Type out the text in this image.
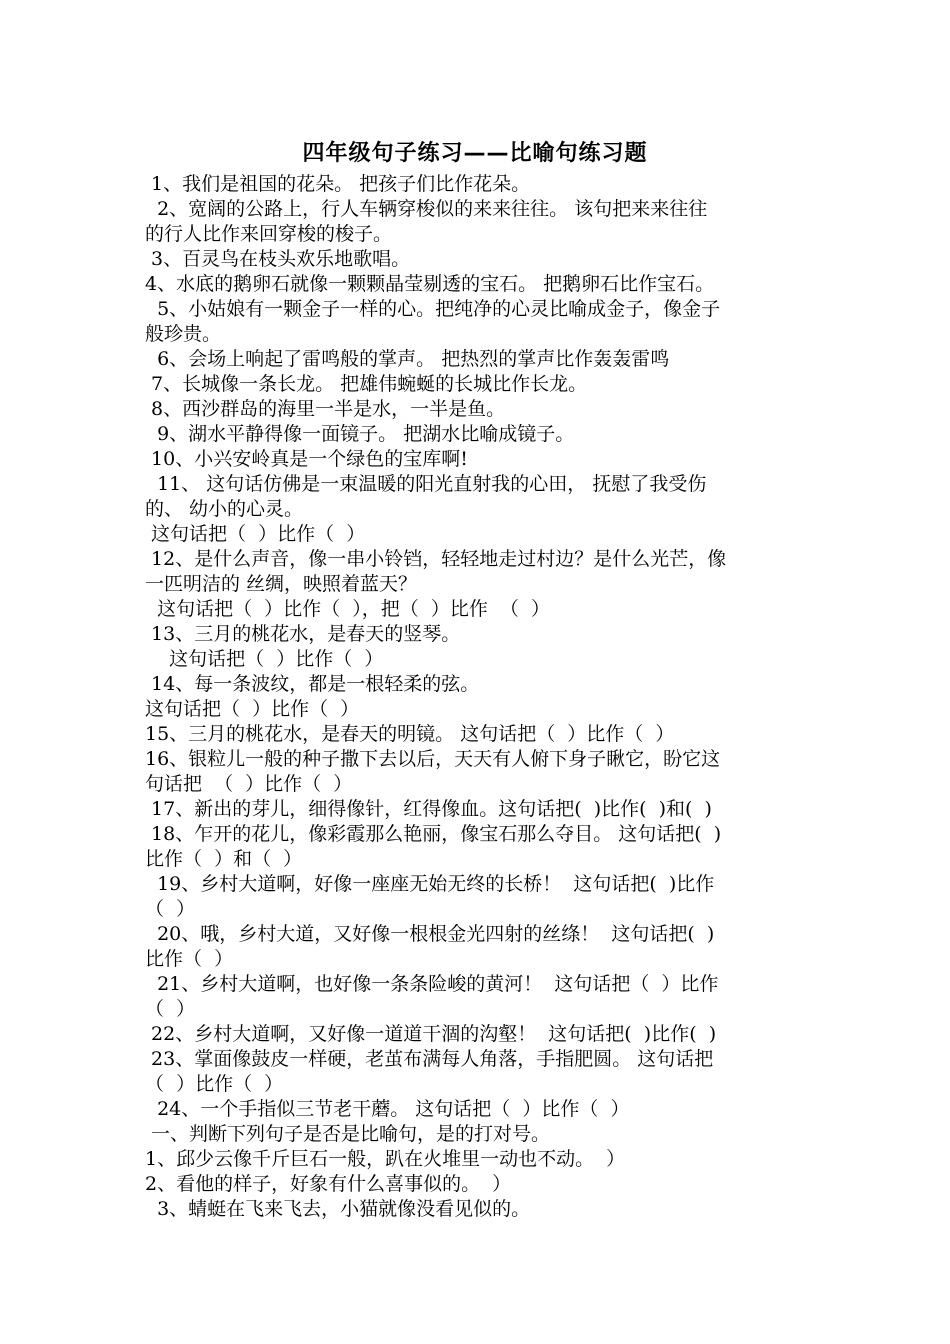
四年级句子练习——比喻句练习题
1、我们是祖国的花朵。 把孩子们比作花朵。
2、宽阔的公路上，行人车辆穿梭似的来来往往。 该句把来来往往
的行人比作来回穿梭的梭子。
3、百灵鸟在枝头欢乐地歌唱。
4、水底的鹅卵石就像一颗颗晶莹剔透的宝石。 把鹅卵石比作宝石。
5、小姑娘有一颗金子一样的心。把纯净的心灵比喻成金子，像金子
般珍贵。
6、会场上响起了雷鸣般的掌声。 把热烈的掌声比作轰轰雷鸣
7、长城像一条长龙。 把雄伟蜿蜒的长城比作长龙。
8、西沙群岛的海里一半是水，一半是鱼。
9、湖水平静得像一面镜子。 把湖水比喻成镜子。
10、小兴安岭真是一个绿色的宝库啊!
11、 这句话仿佛是一束温暖的阳光直射我的心田， 抚慰了我受伤
的、 幼小的心灵。
这句话把（  ）比作（  ）
12、是什么声音，像一串小铃铛，轻轻地走过村边？是什么光芒，像
一匹明洁的 丝绸，映照着蓝天？
这句话把（  ）比作（  ），把（  ）比作  （  ）
13、三月的桃花水，是春天的竖琴。
这句话把（  ）比作（  ）
14、每一条波纹，都是一根轻柔的弦。
这句话把（  ）比作（  ）
15、三月的桃花水，是春天的明镜。 这句话把（  ）比作（  ）
16、银粒儿一般的种子撒下去以后，天天有人俯下身子瞅它，盼它这
句话把  （  ）比作（  ）
17、新出的芽儿，细得像针，红得像血。这句话把(  )比作(  )和(  )
18、乍开的花儿，像彩霞那么艳丽，像宝石那么夺目。 这句话把(  )
比作（  ）和（  ）
19、乡村大道啊，好像一座座无始无终的长桥！  这句话把(  )比作
（  ）
20、哦，乡村大道，又好像一根根金光四射的丝绦！  这句话把(  )
比作（  ）
21、乡村大道啊，也好像一条条险峻的黄河！  这句话把（  ）比作
（  ）
22、乡村大道啊，又好像一道道干涸的沟壑！  这句话把(  )比作(  )
23、掌面像鼓皮一样硬，老茧布满每人角落，手指肥圆。 这句话把
（  ）比作（  ）
24、一个手指似三节老干蘑。 这句话把（  ）比作（  ）
一、判断下列句子是否是比喻句，是的打对号。
1、邱少云像千斤巨石一般，趴在火堆里一动也不动。  ）
2、看他的样子，好象有什么喜事似的。  ）
3、蜻蜓在飞来飞去，小猫就像没看见似的。
